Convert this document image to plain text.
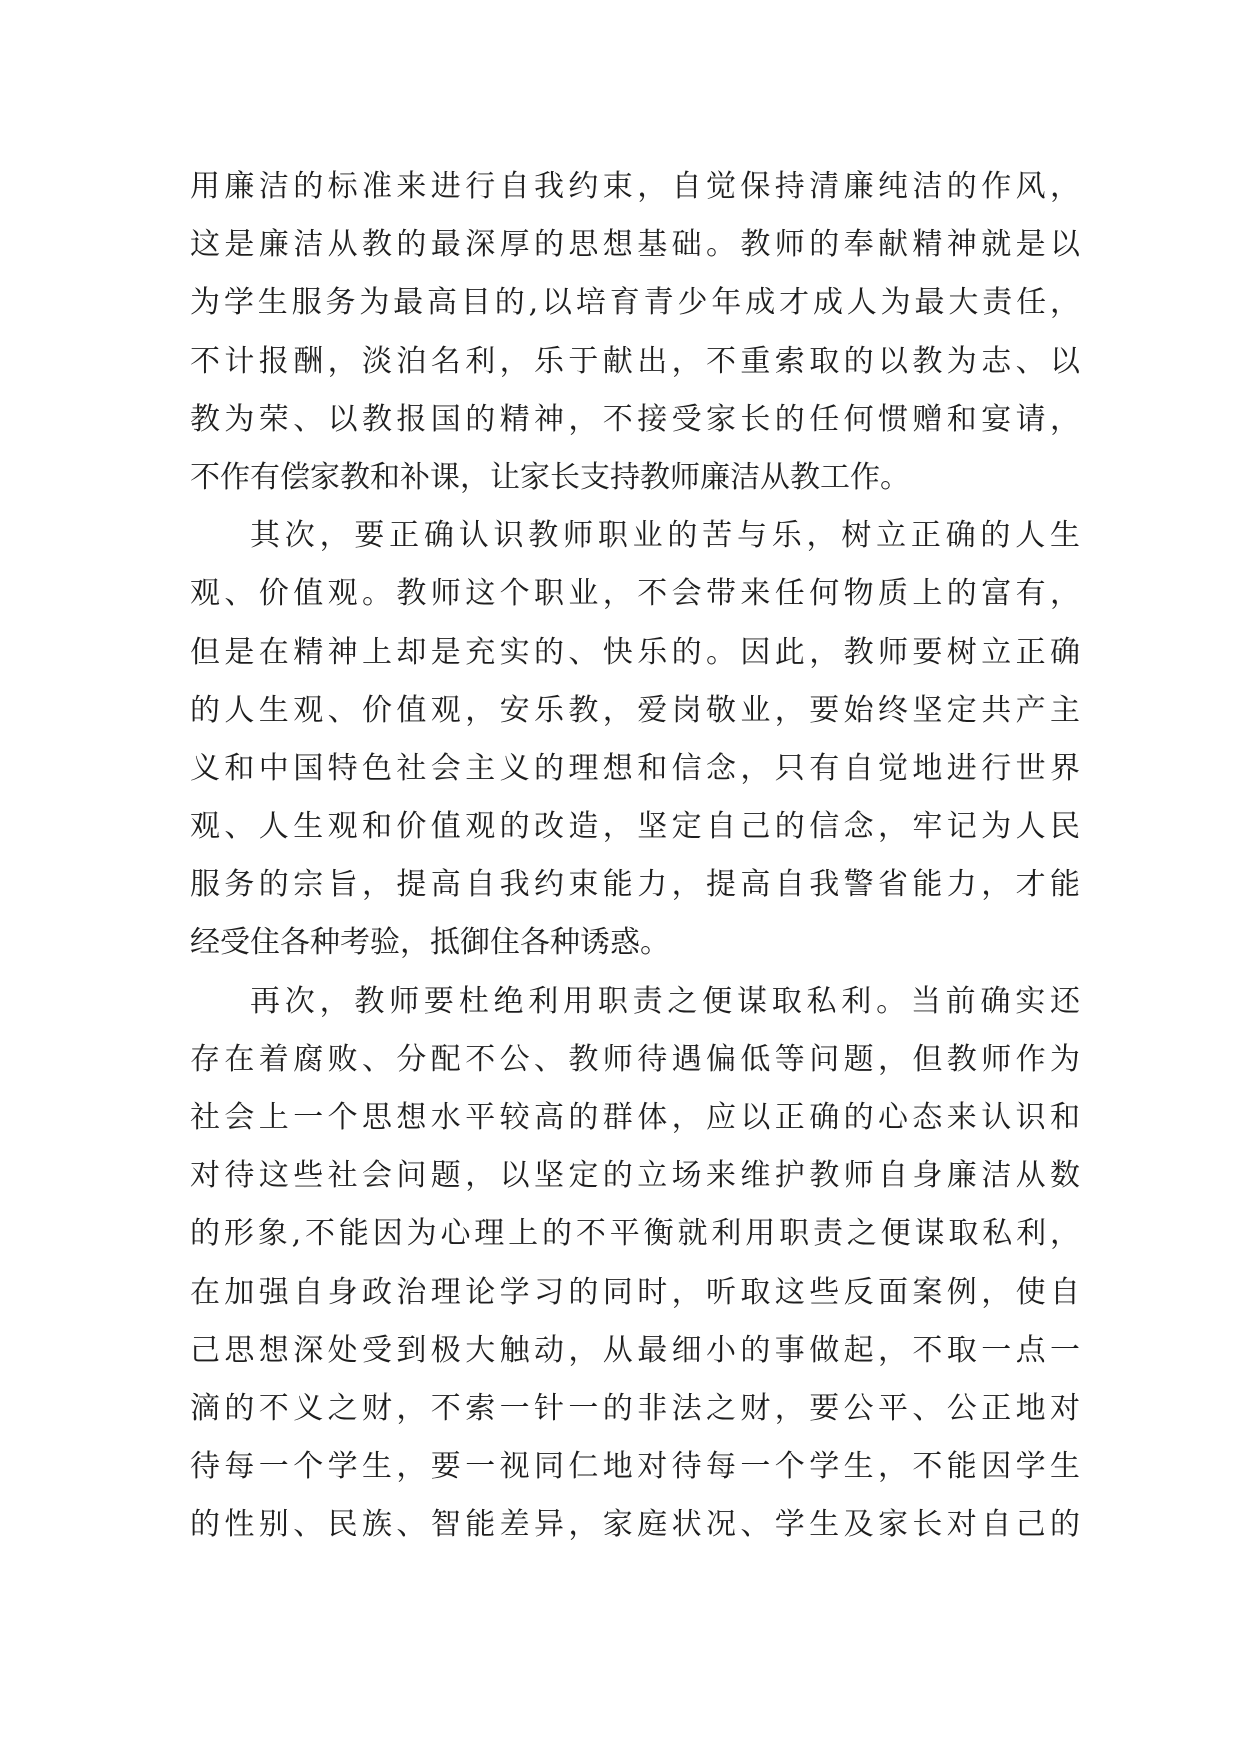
用廉洁的标准来进行自我约束，自觉保持清廉纯洁的作风，
这是廉洁从教的最深厚的思想基础。教师的奉献精神就是以
为学生服务为最高目的,以培育青少年成才成人为最大责任，
不计报酬，淡泊名利，乐于献出，不重索取的以教为志、以
教为荣、以教报国的精神，不接受家长的任何惯赠和宴请，
不作有偿家教和补课，让家长支持教师廉洁从教工作。
其次，要正确认识教师职业的苦与乐，树立正确的人生
观、价值观。教师这个职业，不会带来任何物质上的富有，
但是在精神上却是充实的、快乐的。因此，教师要树立正确
的人生观、价值观，安乐教，爱岗敬业，要始终坚定共产主
义和中国特色社会主义的理想和信念，只有自觉地进行世界
观、人生观和价值观的改造，坚定自己的信念，牢记为人民
服务的宗旨，提高自我约束能力，提高自我警省能力，才能
经受住各种考验，抵御住各种诱惑。
再次，教师要杜绝利用职责之便谋取私利。当前确实还
存在着腐败、分配不公、教师待遇偏低等问题，但教师作为
社会上一个思想水平较高的群体，应以正确的心态来认识和
对待这些社会问题，以坚定的立场来维护教师自身廉洁从数
的形象,不能因为心理上的不平衡就利用职责之便谋取私利，
在加强自身政治理论学习的同时，听取这些反面案例，使自
己思想深处受到极大触动，从最细小的事做起，不取一点一
滴的不义之财，不索一针一的非法之财，要公平、公正地对
待每一个学生，要一视同仁地对待每一个学生，不能因学生
的性别、民族、智能差异，家庭状况、学生及家长对自己的
